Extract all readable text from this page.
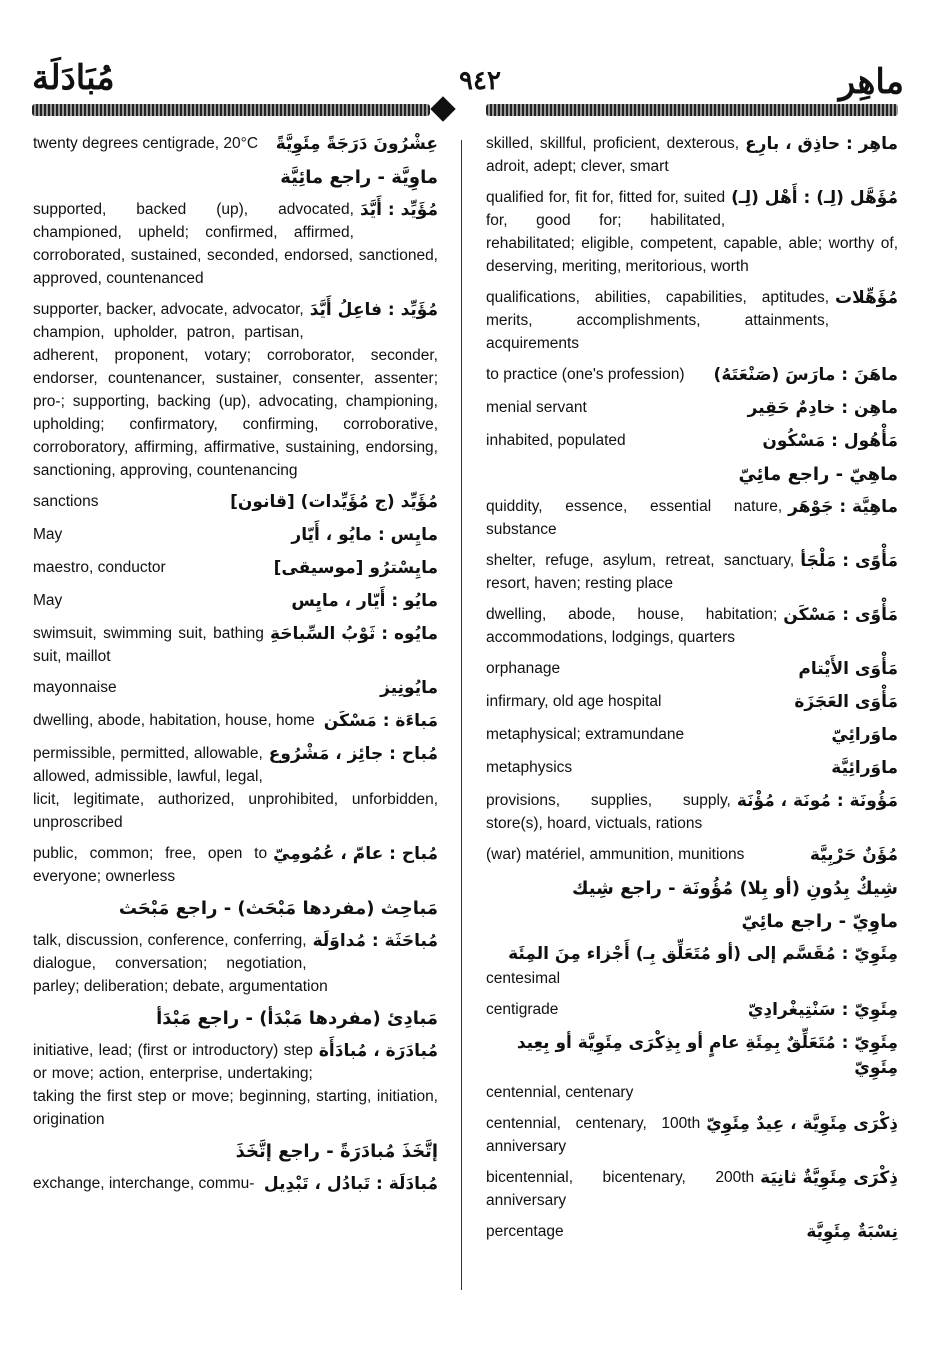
مُبَادَلَة	٩٤٢	ماهِر
عِشْرُونَ دَرَجَةً مِئَوِيَّةً
twenty degrees centigrade, 20°C
ماوِيَّة - راجع مائِيَّة
مُؤَيِّد : أَيَّدَ
supported, backed (up), advocated, championed, upheld; confirmed, affirmed, corroborated, sustained, seconded, endorsed, sanctioned, approved, countenanced
مُؤَيِّد : فاعِلُ أَيَّدَ
supporter, backer, advocate, advocator, champion, upholder, patron, partisan, adherent, proponent, votary; corroborator, seconder, endorser, countenancer, sustainer, consenter, assenter; pro-; supporting, backing (up), advocating, championing, upholding; confirmatory, confirming, corroborative, corroboratory, affirming, affirmative, sustaining, endorsing, sanctioning, approving, countenancing
مُؤَيِّد (ج مُؤَيِّدات) [قانون]
sanctions
مايِس : مايُو ، أَيّار
May
مايِسْترُو [موسيقى]
maestro, conductor
مايُو : أَيّار ، مايِس
May
مايُوه : ثَوْبُ السِّباحَةِ
swimsuit, swimming suit, bathing suit, maillot
مايُونِيز
mayonnaise
مَباءَة : مَسْكَن
dwelling, abode, habitation, house, home
مُباح : جائِز ، مَشْرُوع
permissible, permitted, allowable, allowed, admissible, lawful, legal, licit, legitimate, authorized, unprohibited, unforbidden, unproscribed
مُباح : عامّ ، عُمُومِيّ
public, common; free, open to everyone; ownerless
مَباحِث (مفردها مَبْحَث) - راجع مَبْحَث
مُباحَثَة : مُداوَلَة
talk, discussion, conference, conferring, dialogue, conversation; negotiation, parley; deliberation; debate, argumentation
مَبادِئ (مفردها مَبْدَأ) - راجع مَبْدَأ
مُبادَرَة ، مُبادَأَة
initiative, lead; (first or introductory) step or move; action, enterprise, undertaking; taking the first step or move; beginning, starting, initiation, origination
إتَّخَذَ مُبادَرَةً - راجع إتَّخَذَ
مُبادَلَة : تَبادُل ، تَبْدِيل
exchange, interchange, commu-
ماهِر : حاذِق ، بارِع
skilled, skillful, proficient, dexterous, adroit, adept; clever, smart
مُؤَهَّل (لِـ) : أَهْل (لِـ)
qualified for, fit for, fitted for, suited for, good for; habilitated, rehabilitated; eligible, competent, capable, able; worthy of, deserving, meriting, meritorious, worth
مُؤَهِّلات
qualifications, abilities, capabilities, aptitudes, merits, accomplishments, attainments, acquirements
ماهَنَ : مارَسَ (صَنْعَتَهُ)
to practice (one's profession)
ماهِن : خادِمٌ حَقِير
menial servant
مَأْهُول : مَسْكُون
inhabited, populated
ماهِيّ - راجع مائِيّ
ماهِيَّة : جَوْهَر
quiddity, essence, essential nature, substance
مَأْوًى : مَلْجَأ
shelter, refuge, asylum, retreat, sanctuary, resort, haven; resting place
مَأْوًى : مَسْكَن
dwelling, abode, house, habitation; accommodations, lodgings, quarters
مَأْوَى الأَيْتام
orphanage
مَأْوَى العَجَزَة
infirmary, old age hospital
ماوَرائِيّ
metaphysical; extramundane
ماوَرائِيَّة
metaphysics
مَؤُونَة : مُونَة ، مُؤْنَة
provisions, supplies, supply, store(s), hoard, victuals, rations
مُؤَنٌ حَرْبِيَّة
(war) matériel, ammunition, munitions
شِيكٌ بِدُونِ (أو بِلا) مُؤُونَة - راجع شِيك
ماوِيّ - راجع مائِيّ
مِئَوِيّ : مُقَسَّم إلى (أو مُتَعَلِّق بِـ) أَجْزاء مِنَ المِئَة
centesimal
مِئَوِيّ : سَنْتِيغْرادِيّ
centigrade
مِئَوِيّ : مُتَعَلِّقٌ بِمِئَةِ عامٍ أو بِذِكْرَى مِئَوِيَّة أو بِعِيد مِئَوِيّ
centennial, centenary
ذِكْرَى مِئَوِيَّة ، عِيدٌ مِئَوِيّ
centennial, centenary, 100th anniversary
ذِكْرَى مِئَوِيَّةٌ ثانِيَة
bicentennial, bicentenary, 200th anniversary
نِسْبَةٌ مِئَوِيَّة
percentage
